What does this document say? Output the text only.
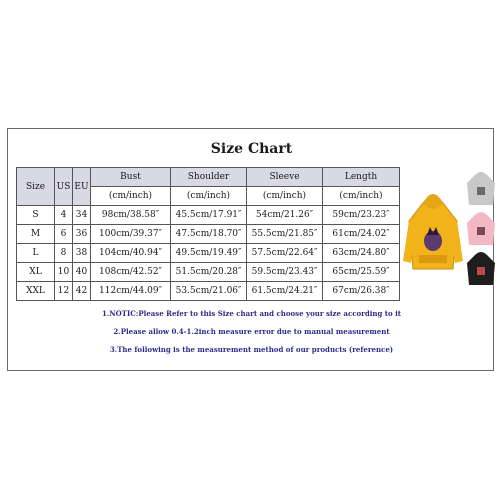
Size Chart
Size	US	EU	Bust	Shoulder	Sleeve	Length
			(cm/inch)	(cm/inch)	(cm/inch)	(cm/inch)
S	4	34	98cm/38.58″	45.5cm/17.91″	54cm/21.26″	59cm/23.23″
M	6	36	100cm/39.37″	47.5cm/18.70″	55.5cm/21.85″	61cm/24.02″
L	8	38	104cm/40.94″	49.5cm/19.49″	57.5cm/22.64″	63cm/24.80″
XL	10	40	108cm/42.52″	51.5cm/20.28″	59.5cm/23.43″	65cm/25.59″
XXL	12	42	112cm/44.09″	53.5cm/21.06″	61.5cm/24.21″	67cm/26.38″
1.NOTIC:Please Refer to this Size chart and choose your size according to it
2.Please allow 0.4-1.2inch measure error due to manual measurement
3.The following is the measurement method of our products (reference)
